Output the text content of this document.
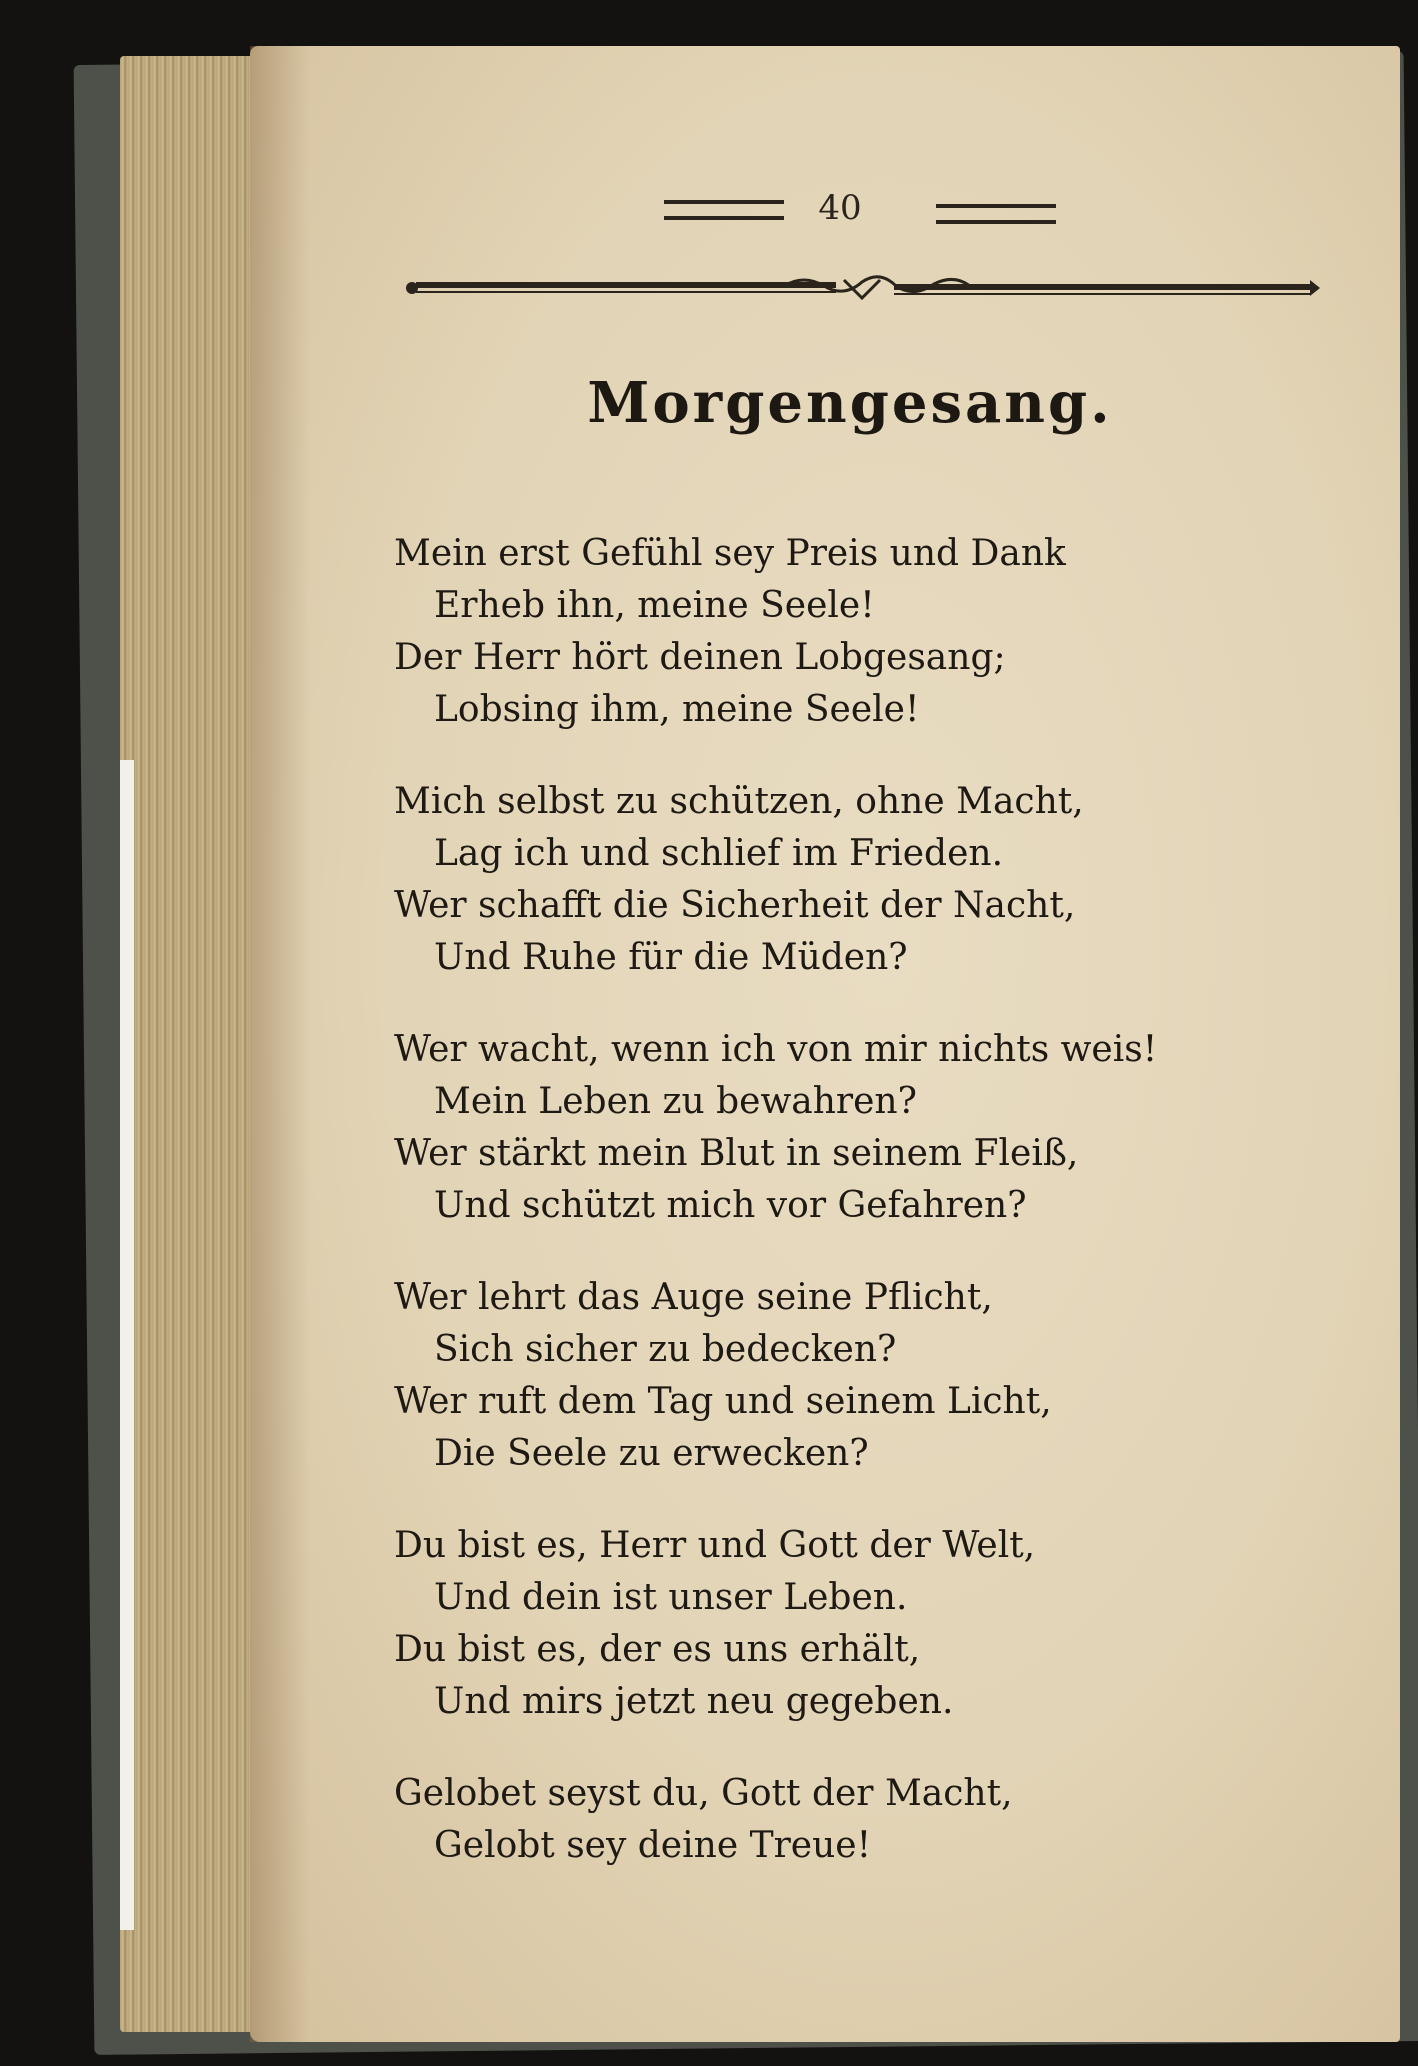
40
Morgengesang.
Mein erst Gefühl sey Preis und Dank
Erheb ihn, meine Seele!
Der Herr hört deinen Lobgesang;
Lobsing ihm, meine Seele!
Mich selbst zu schützen, ohne Macht,
Lag ich und schlief im Frieden.
Wer schafft die Sicherheit der Nacht,
Und Ruhe für die Müden?
Wer wacht, wenn ich von mir nichts weis!
Mein Leben zu bewahren?
Wer stärkt mein Blut in seinem Fleiß,
Und schützt mich vor Gefahren?
Wer lehrt das Auge seine Pflicht,
Sich sicher zu bedecken?
Wer ruft dem Tag und seinem Licht,
Die Seele zu erwecken?
Du bist es, Herr und Gott der Welt,
Und dein ist unser Leben.
Du bist es, der es uns erhält,
Und mirs jetzt neu gegeben.
Gelobet seyst du, Gott der Macht,
Gelobt sey deine Treue!
